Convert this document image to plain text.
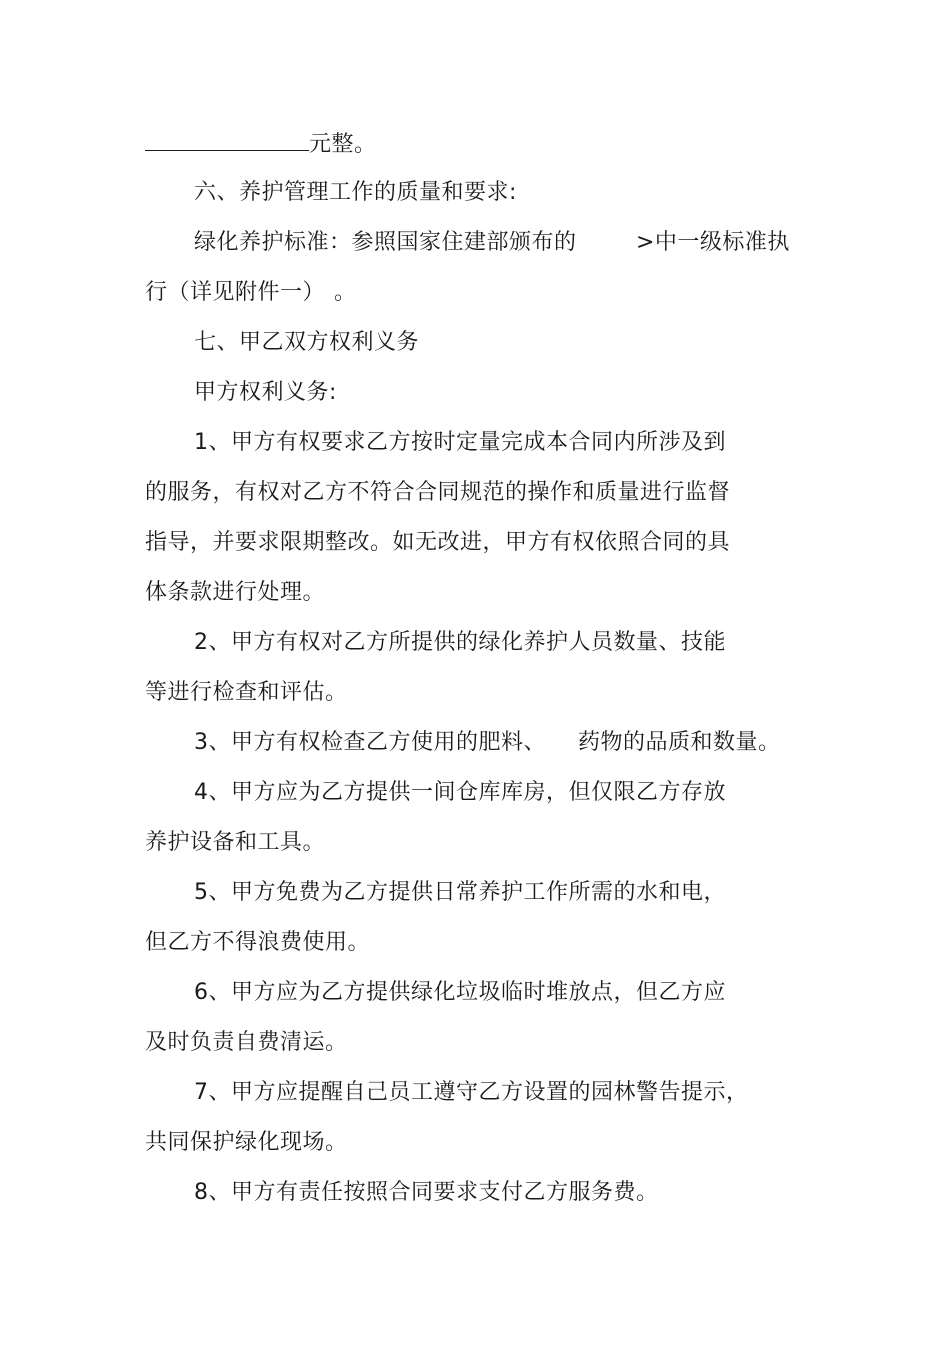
元整。
六、养护管理工作的质量和要求:
绿化养护标准：参照国家住建部颁布的	>中一级标准执
行（详见附件一） 。
七、甲乙双方权利义务
甲方权利义务:
1、甲方有权要求乙方按时定量完成本合同内所涉及到
的服务，有权对乙方不符合合同规范的操作和质量进行监督
指导，并要求限期整改。如无改进，甲方有权依照合同的具
体条款进行处理。
2、甲方有权对乙方所提供的绿化养护人员数量、技能
等进行检查和评估。
3、甲方有权检查乙方使用的肥料、 药物的品质和数量。
4、甲方应为乙方提供一间仓库库房，但仅限乙方存放
养护设备和工具。
5、甲方免费为乙方提供日常养护工作所需的水和电，
但乙方不得浪费使用。
6、甲方应为乙方提供绿化垃圾临时堆放点，但乙方应
及时负责自费清运。
7、甲方应提醒自己员工遵守乙方设置的园林警告提示，
共同保护绿化现场。
8、甲方有责任按照合同要求支付乙方服务费。
